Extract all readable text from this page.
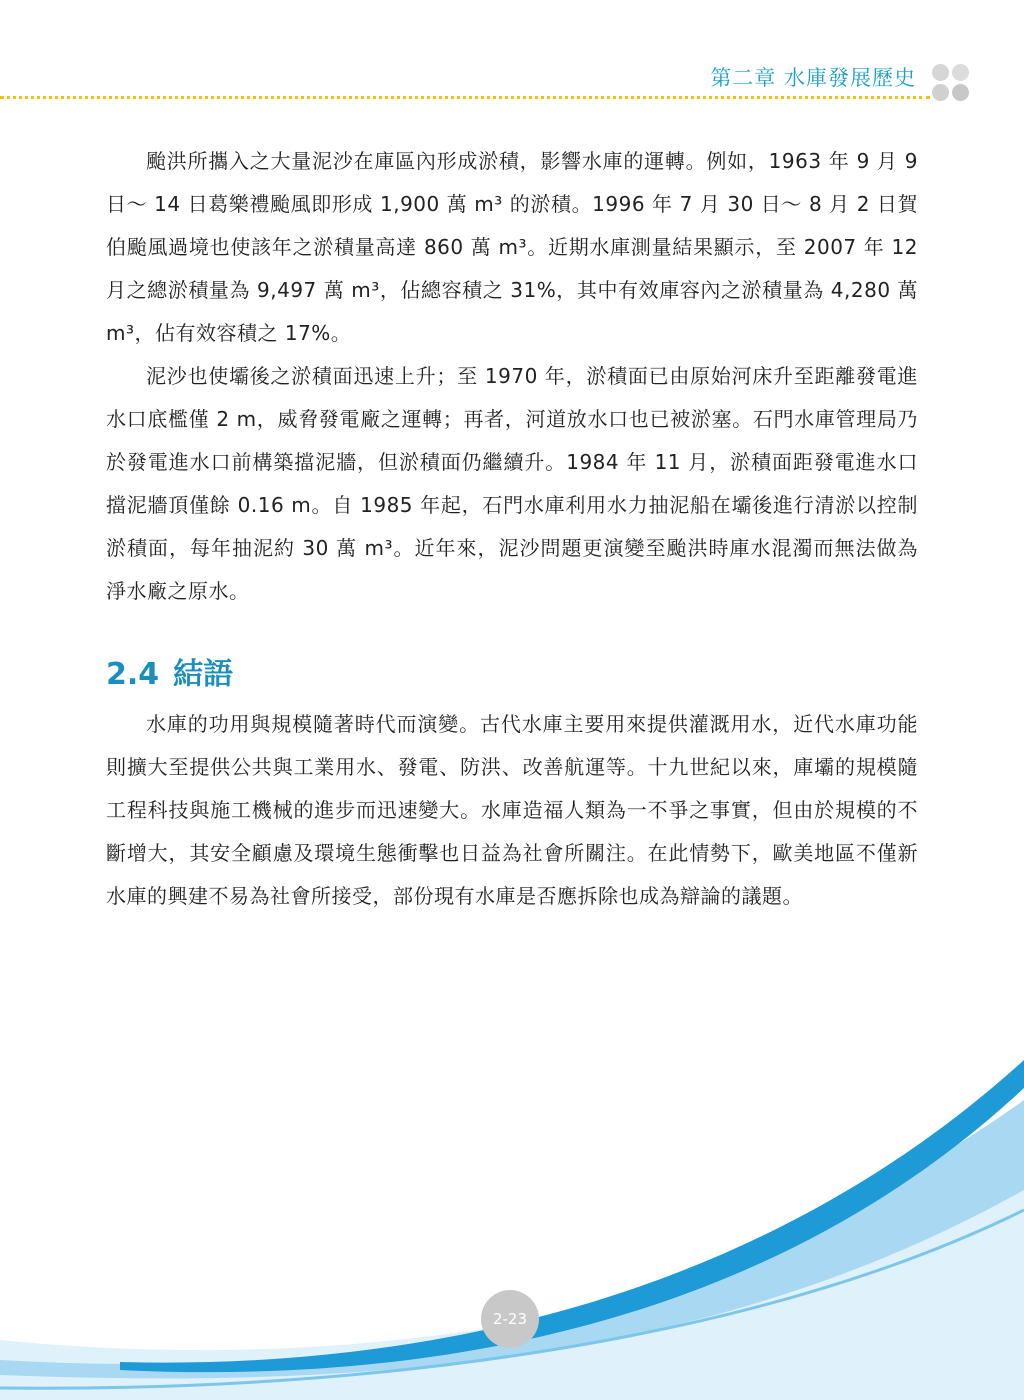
第二章 水庫發展歷史

颱洪所攜入之大量泥沙在庫區內形成淤積，影響水庫的運轉。例如，1963 年 9 月 9 日～ 14 日葛樂禮颱風即形成 1,900 萬 m³ 的淤積。1996 年 7 月 30 日～ 8 月 2 日賀伯颱風過境也使該年之淤積量高達 860 萬 m³。近期水庫測量結果顯示，至 2007 年 12 月之總淤積量為 9,497 萬 m³，佔總容積之 31%，其中有效庫容內之淤積量為 4,280 萬 m³，佔有效容積之 17%。

泥沙也使壩後之淤積面迅速上升；至 1970 年，淤積面已由原始河床升至距離發電進水口底檻僅 2 m，威脅發電廠之運轉；再者，河道放水口也已被淤塞。石門水庫管理局乃於發電進水口前構築擋泥牆，但淤積面仍繼續升。1984 年 11 月，淤積面距發電進水口擋泥牆頂僅餘 0.16 m。自 1985 年起，石門水庫利用水力抽泥船在壩後進行清淤以控制淤積面，每年抽泥約 30 萬 m³。近年來，泥沙問題更演變至颱洪時庫水混濁而無法做為淨水廠之原水。

2.4 結語

水庫的功用與規模隨著時代而演變。古代水庫主要用來提供灌溉用水，近代水庫功能則擴大至提供公共與工業用水、發電、防洪、改善航運等。十九世紀以來，庫壩的規模隨工程科技與施工機械的進步而迅速變大。水庫造福人類為一不爭之事實，但由於規模的不斷增大，其安全顧慮及環境生態衝擊也日益為社會所關注。在此情勢下，歐美地區不僅新水庫的興建不易為社會所接受，部份現有水庫是否應拆除也成為辯論的議題。

2-23
